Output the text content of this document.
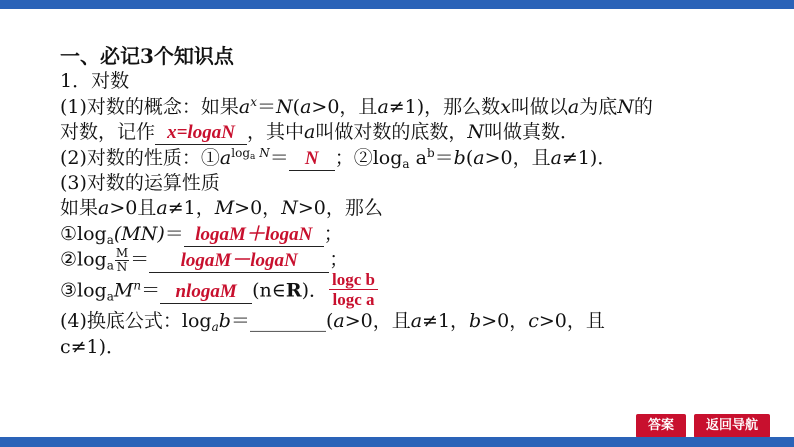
一、必记3个知识点
1．对数
(1)对数的概念：如果$a^x=N(a>0$，且a≠1)，那么数x叫做以a为底N的
对数，记作 x=logaN ，其中a叫做对数的底数，N叫做真数．
(2)对数的性质：$①a^{log_a N}= N$ ；$②\log_a$ $a^b=b(a>0$，且a≠1)．
(3)对数的运算性质
如果a>0且a≠1，M>0，N>0，那么
$①\log_a(MN)=$ logaM＋logaN ；
$②\log_a \frac{M}{N}$ ＝ logaM－logaN ；
$③\log_aM^n=$ nlogaM (n∈R)． $\frac{\text{logc b}}{\text{logc a}}$
(4)换底公式：$\log_ab=\_\_\_\_\_\_\_\_(a>0$，且a≠1，b>0，c>0，且
c≠1)．
答案	返回导航
